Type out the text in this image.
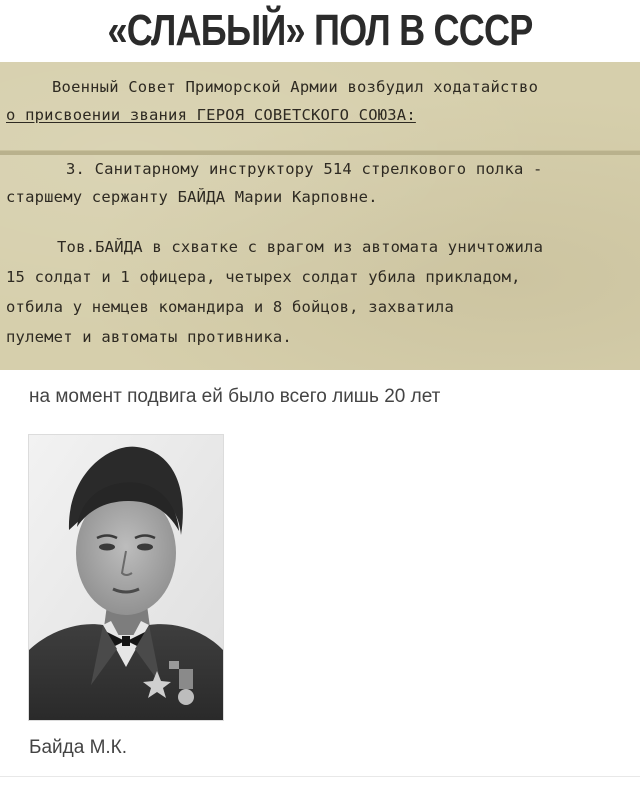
«СЛАБЫЙ» ПОЛ В СССР
Военный Совет Приморской Армии возбудил ходатайство
о присвоении звания ГЕРОЯ СОВЕТСКОГО СОЮЗА:
3. Санитарному инструктору 514 стрелкового полка -
старшему сержанту БАЙДА Марии Карповне.
Тов.БАЙДА в схватке с врагом из автомата уничтожила
15 солдат и 1 офицера, четырех солдат убила прикладом,
отбила у немцев командира и 8 бойцов, захватила
пулемет и автоматы противника.
на момент подвига ей было всего лишь 20 лет
Байда М.К.
